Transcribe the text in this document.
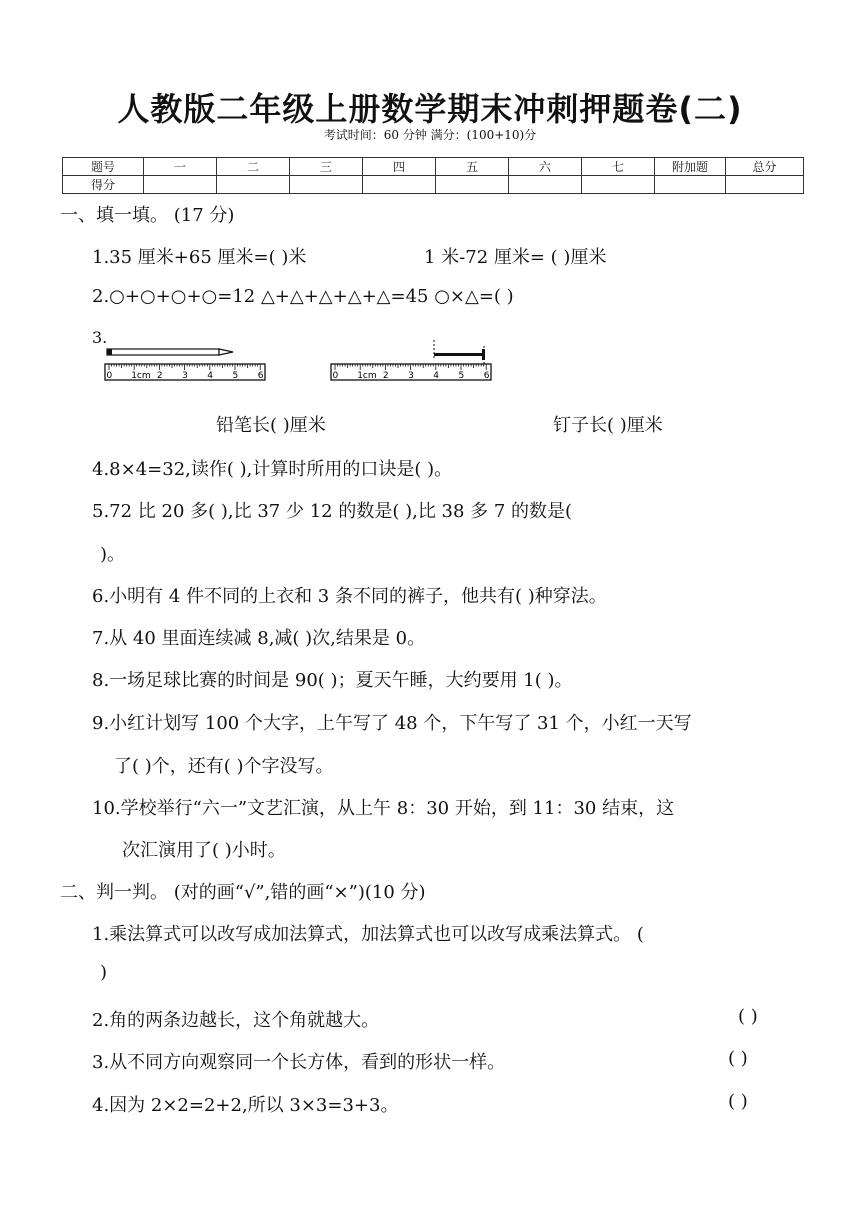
人教版二年级上册数学期末冲刺押题卷(二)
考试时间：60 分钟 满分：(100+10)分
题号	一	二	三	四	五	六	七	附加题	总分
得分									
一、填一填。 (17 分)
1.35 厘米+65 厘米=( )米	1 米-72 厘米= ( )厘米
2.○+○+○+○=12 △+△+△+△+△=45 ○×△=( )
3.
0 1cm 2 3 4 5 6	0 1cm 2 3 4 5 6
铅笔长( )厘米	钉子长( )厘米
4.8×4=32,读作( ),计算时所用的口诀是( )。
5.72 比 20 多( ),比 37 少 12 的数是( ),比 38 多 7 的数是(
)。
6.小明有 4 件不同的上衣和 3 条不同的裤子，他共有( )种穿法。
7.从 40 里面连续减 8,减( )次,结果是 0。
8.一场足球比赛的时间是 90( )；夏天午睡，大约要用 1( )。
9.小红计划写 100 个大字，上午写了 48 个，下午写了 31 个，小红一天写
了( )个，还有( )个字没写。
10.学校举行“六一”文艺汇演，从上午 8：30 开始，到 11：30 结束，这
次汇演用了( )小时。
二、判一判。 (对的画“√”,错的画“×”)(10 分)
1.乘法算式可以改写成加法算式，加法算式也可以改写成乘法算式。 (
)
2.角的两条边越长，这个角就越大。	( )
3.从不同方向观察同一个长方体，看到的形状一样。	( )
4.因为 2×2=2+2,所以 3×3=3+3。	( )
